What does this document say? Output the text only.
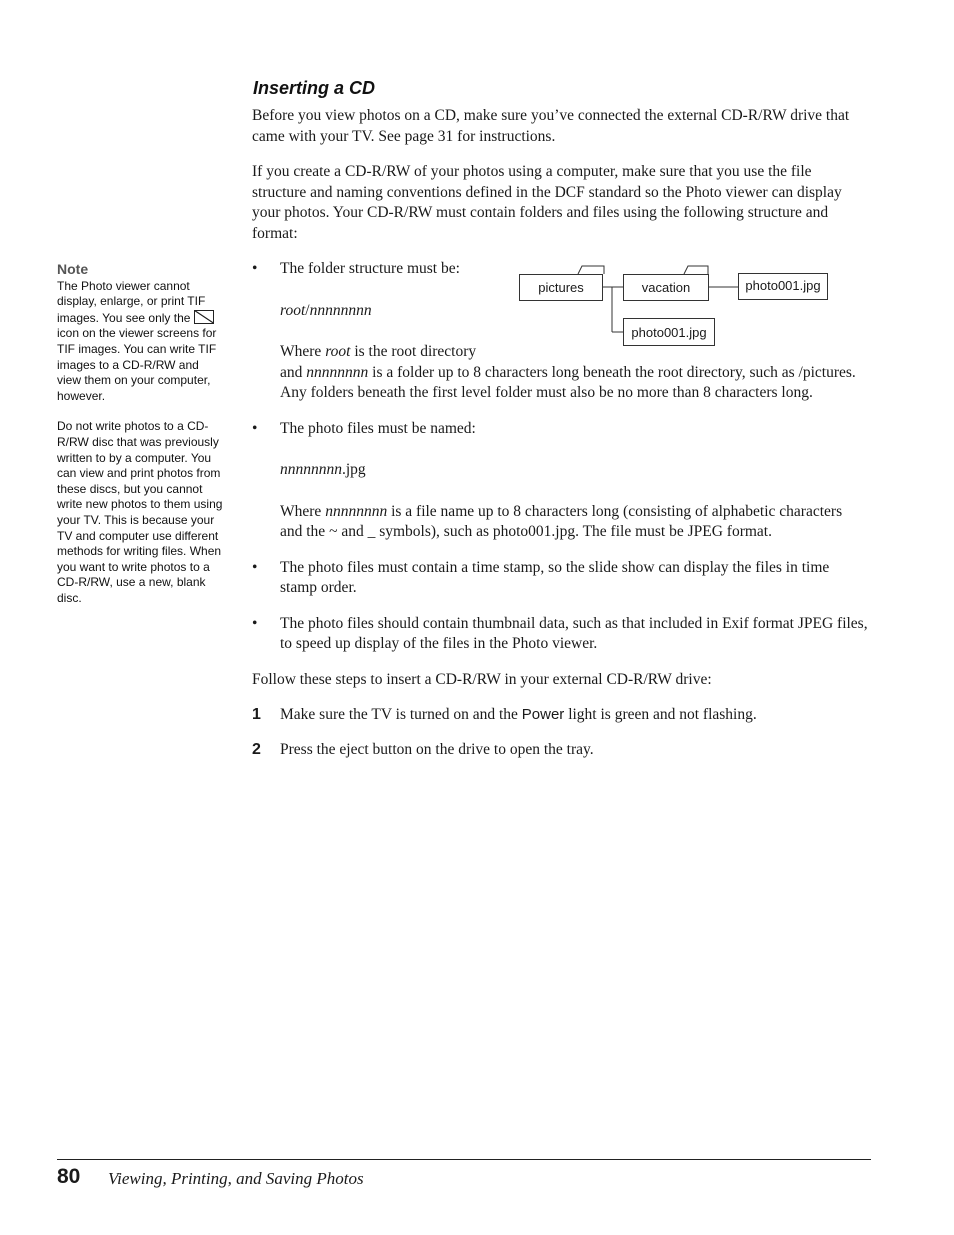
Inserting a CD

Before you view photos on a CD, make sure you’ve connected the external CD-R/RW drive that came with your TV. See page 31 for instructions.

If you create a CD-R/RW of your photos using a computer, make sure that you use the file structure and naming conventions defined in the DCF standard so the Photo viewer can display your photos. Your CD-R/RW must contain folders and files using the following structure and format:

• The folder structure must be:

root/nnnnnnnn

Where root is the root directory

and nnnnnnnn is a folder up to 8 characters long beneath the root directory, such as /pictures. Any folders beneath the first level folder must also be no more than 8 characters long.

• The photo files must be named:

nnnnnnnn.jpg

Where nnnnnnnn is a file name up to 8 characters long (consisting of alphabetic characters and the ~ and _ symbols), such as photo001.jpg. The file must be JPEG format.

• The photo files must contain a time stamp, so the slide show can display the files in time stamp order.

• The photo files should contain thumbnail data, such as that included in Exif format JPEG files, to speed up display of the files in the Photo viewer.

Follow these steps to insert a CD-R/RW in your external CD-R/RW drive:

1 Make sure the TV is turned on and the Power light is green and not flashing.
2 Press the eject button on the drive to open the tray.
Note

The Photo viewer cannot display, enlarge, or print TIF images. You see only the icon on the viewer screens for TIF images. You can write TIF images to a CD-R/RW and view them on your computer, however.

Do not write photos to a CD-R/RW disc that was previously written to by a computer. You can view and print photos from these discs, but you cannot write new photos to them using your TV. This is because your TV and computer use different methods for writing files. When you want to write photos to a CD-R/RW, use a new, blank disc.

pictures	vacation	photo001.jpg
photo001.jpg
80 Viewing, Printing, and Saving Photos
